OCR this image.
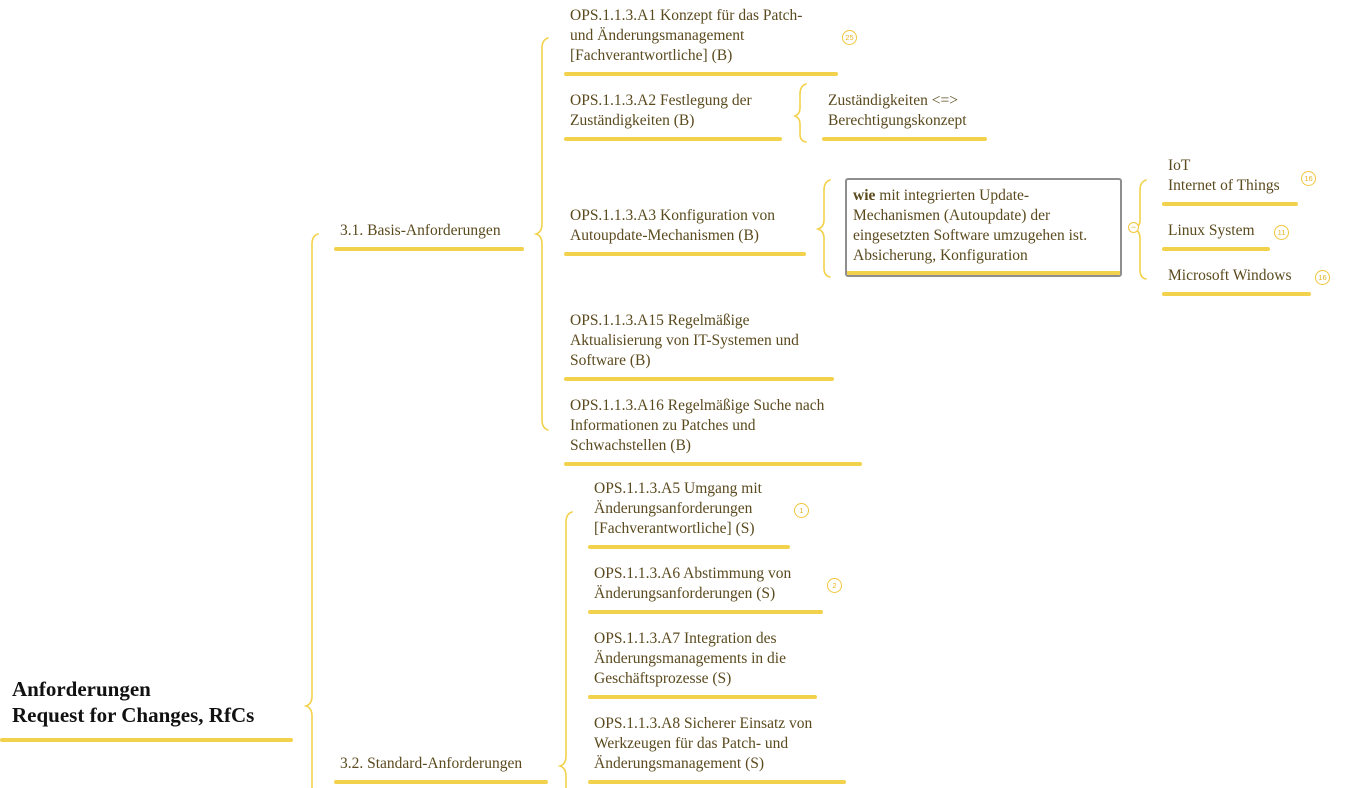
Anforderungen
Request for Changes, RfCs
3.1. Basis-Anforderungen
3.2. Standard-Anforderungen
OPS.1.1.3.A1 Konzept für das Patch-
und Änderungsmanagement
[Fachverantwortliche] (B)
25
OPS.1.1.3.A2 Festlegung der
Zuständigkeiten (B)
Zuständigkeiten <=>
Berechtigungskonzept
OPS.1.1.3.A3 Konfiguration von
Autoupdate-Mechanismen (B)
wie mit integrierten Update-
Mechanismen (Autoupdate) der
eingesetzten Software umzugehen ist.
Absicherung, Konfiguration
−
IoT
Internet of Things	16
Linux System	11
Microsoft Windows	16
OPS.1.1.3.A15 Regelmäßige
Aktualisierung von IT-Systemen und
Software (B)
OPS.1.1.3.A16 Regelmäßige Suche nach
Informationen zu Patches und
Schwachstellen (B)
OPS.1.1.3.A5 Umgang mit
Änderungsanforderungen
[Fachverantwortliche] (S)
1
OPS.1.1.3.A6 Abstimmung von
Änderungsanforderungen (S)	2
OPS.1.1.3.A7 Integration des
Änderungsmanagements in die
Geschäftsprozesse (S)
OPS.1.1.3.A8 Sicherer Einsatz von
Werkzeugen für das Patch- und
Änderungsmanagement (S)
